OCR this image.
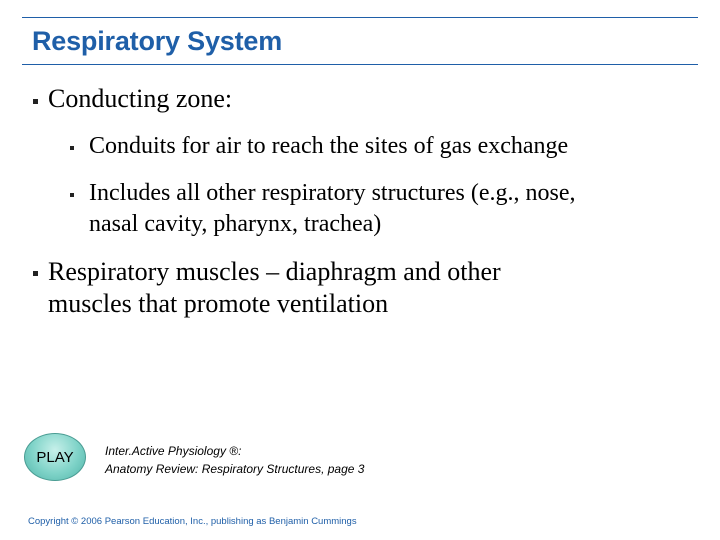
Respiratory System
Conducting zone:
Conduits for air to reach the sites of gas exchange
Includes all other respiratory structures (e.g., nose,
nasal cavity, pharynx, trachea)
Respiratory muscles – diaphragm and other
muscles that promote ventilation
PLAY	Inter.Active Physiology ®:
Anatomy Review: Respiratory Structures, page 3
Copyright © 2006 Pearson Education, Inc., publishing as Benjamin Cummings
